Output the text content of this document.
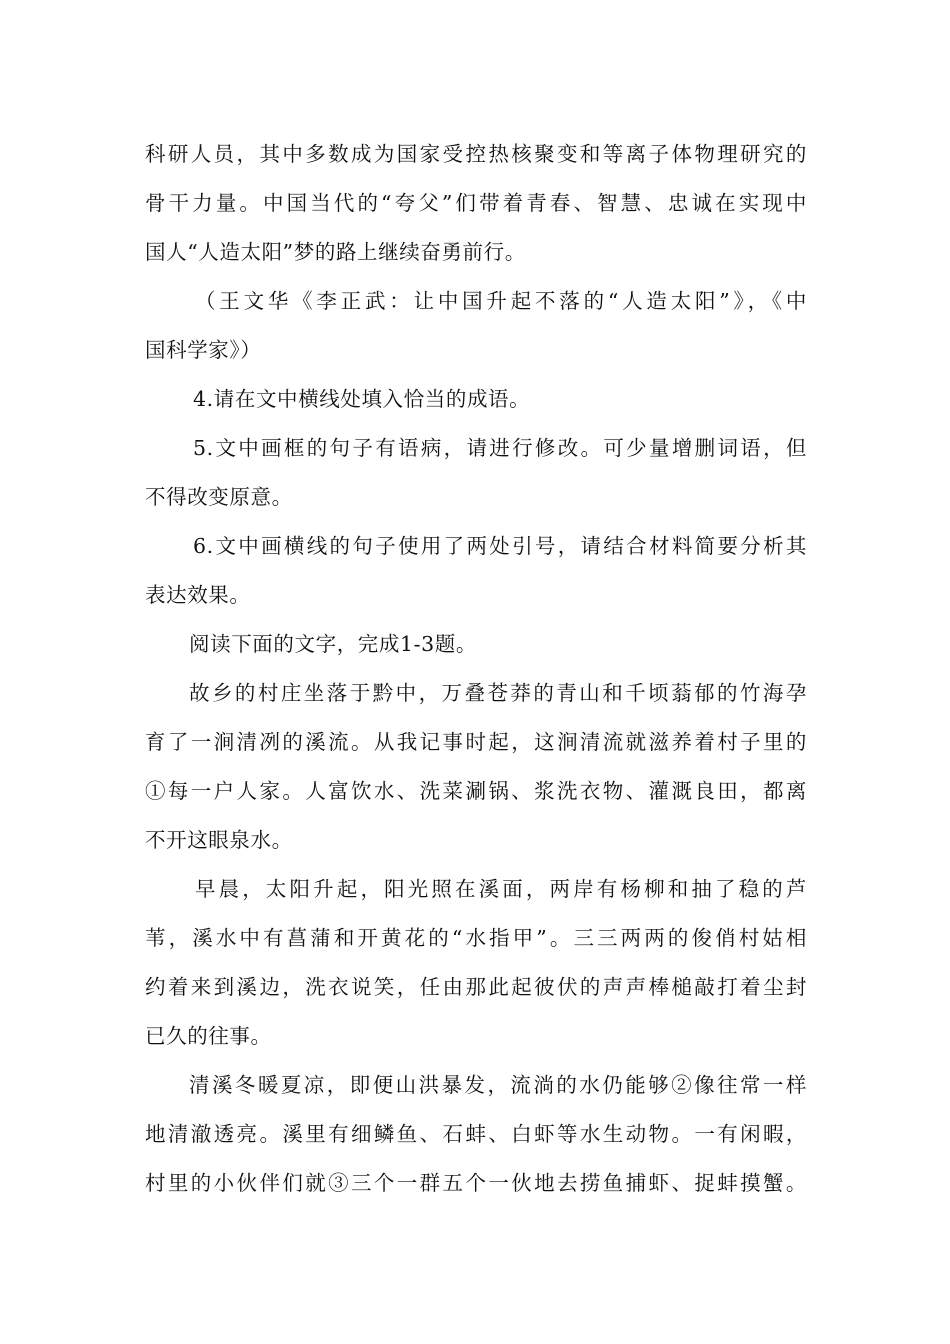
科研人员，其中多数成为国家受控热核聚变和等离子体物理研究的
骨干力量。中国当代的“夸父”们带着青春、智慧、忠诚在实现中
国人“人造太阳”梦的路上继续奋勇前行。
（王文华《李正武：让中国升起不落的“人造太阳”》，《中
国科学家》）
4.请在文中横线处填入恰当的成语。
5.文中画框的句子有语病，请进行修改。可少量增删词语，但
不得改变原意。
6.文中画横线的句子使用了两处引号，请结合材料简要分析其
表达效果。
阅读下面的文字，完成1-3题。
故乡的村庄坐落于黔中，万叠苍莽的青山和千顷蓊郁的竹海孕
育了一涧清冽的溪流。从我记事时起，这涧清流就滋养着村子里的
①每一户人家。人富饮水、洗菜涮锅、浆洗衣物、灌溉良田，都离
不开这眼泉水。
早晨，太阳升起，阳光照在溪面，两岸有杨柳和抽了稳的芦
苇，溪水中有菖蒲和开黄花的“水指甲”。三三两两的俊俏村姑相
约着来到溪边，洗衣说笑，任由那此起彼伏的声声棒槌敲打着尘封
已久的往事。
清溪冬暖夏凉，即便山洪暴发，流淌的水仍能够②像往常一样
地清澈透亮。溪里有细鳞鱼、石蚌、白虾等水生动物。一有闲暇，
村里的小伙伴们就③三个一群五个一伙地去捞鱼捕虾、捉蚌摸蟹。
